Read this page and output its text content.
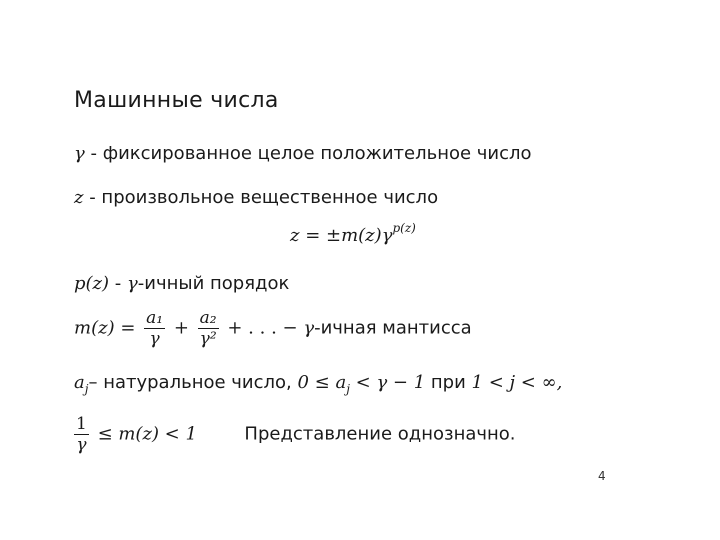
Машинные числа
γ - фиксированное целое положительное число
z - произвольное вещественное число
$z = \pm m(z)\gamma^{p(z)}$
p(z) - γ-ичный порядок
$m(z) = \frac{\text{a₁}}{\gamma} + \frac{\text{a₂}}{\text{γ²}}$ + . . . − γ-ичная мантисса
$a_j-$ натуральное число, $0 \le a_j < \gamma - 1$ при 1 < j < ∞,
$\frac{1}{\gamma} \le m(z) < 1$	Представление однозначно.
4
